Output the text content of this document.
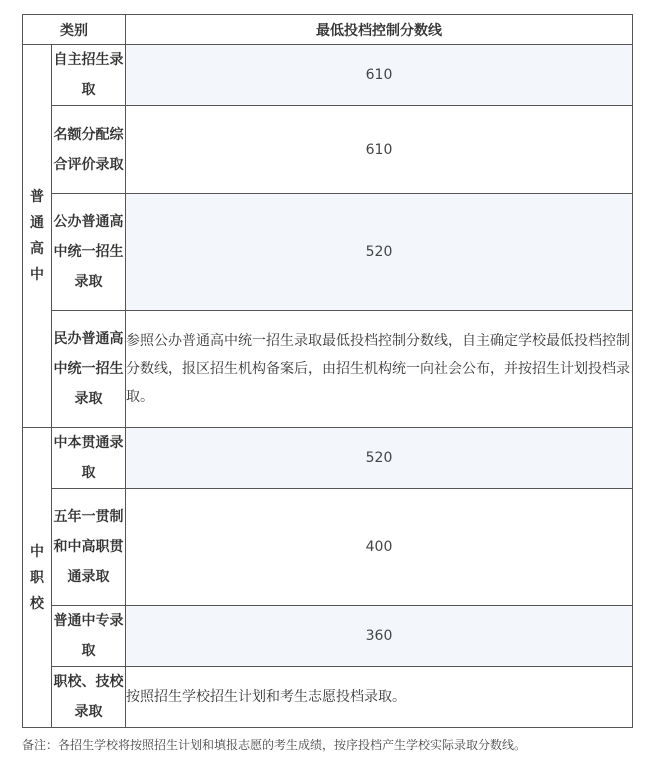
类别		最低投档控制分数线
普通高中	自主招生录取	610
	名额分配综合评价录取	610
	公办普通高中统一招生录取	520
	民办普通高中统一招生录取	参照公办普通高中统一招生录取最低投档控制分数线，自主确定学校最低投档控制分数线，报区招生机构备案后，由招生机构统一向社会公布，并按招生计划投档录取。
中职校	中本贯通录取	520
	五年一贯制和中高职贯通录取	400
	普通中专录取	360
	职校、技校录取	按照招生学校招生计划和考生志愿投档录取。
备注：各招生学校将按照招生计划和填报志愿的考生成绩，按序投档产生学校实际录取分数线。
